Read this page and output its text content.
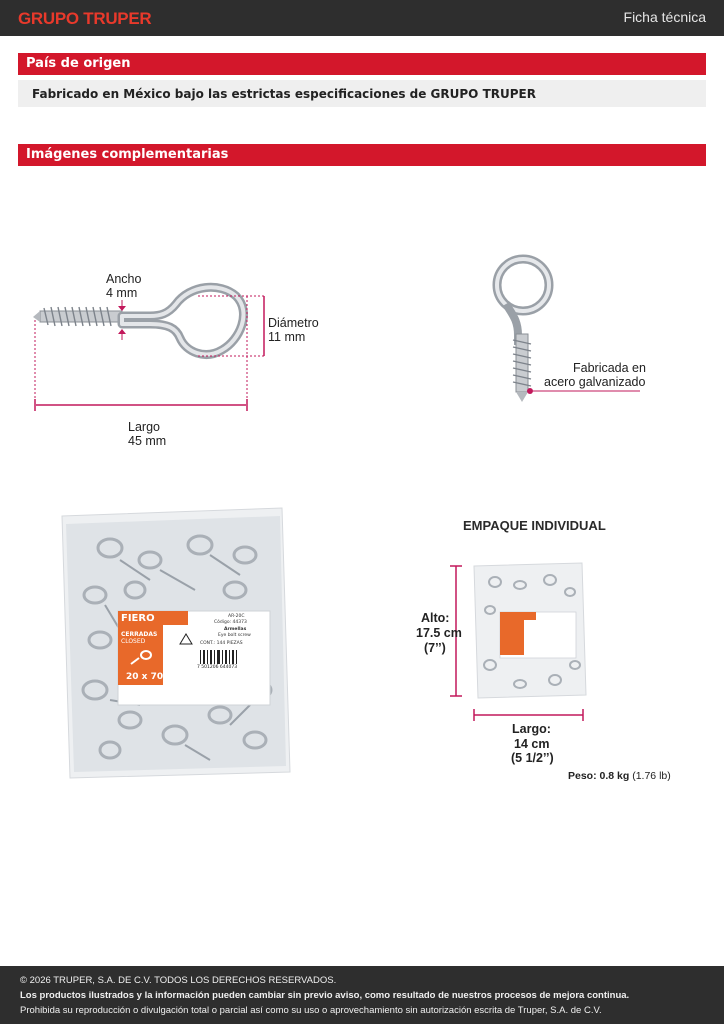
GRUPO TRUPER	Ficha técnica
País de origen
Fabricado en México bajo las estrictas especificaciones de GRUPO TRUPER
Imágenes complementarias
Ancho
4 mm
Diámetro
11 mm
Largo
45 mm
Fabricada en
acero galvanizado
FIERO
CERRADAS
CLOSED
20 x 70
AR-20C
Código: 44373
Armellas
Eye bolt screw
CONT.: 144 PIEZAS
7 501206 644073
EMPAQUE INDIVIDUAL
Alto:
17.5 cm
(7’’)
Largo:
14 cm
(5 1/2’’)
Peso: 0.8 kg (1.76 lb)
© 2026 TRUPER, S.A. DE C.V. TODOS LOS DERECHOS RESERVADOS.
Los productos ilustrados y la información pueden cambiar sin previo aviso, como resultado de nuestros procesos de mejora continua.
Prohibida su reproducción o divulgación total o parcial así como su uso o aprovechamiento sin autorización escrita de Truper, S.A. de C.V.
